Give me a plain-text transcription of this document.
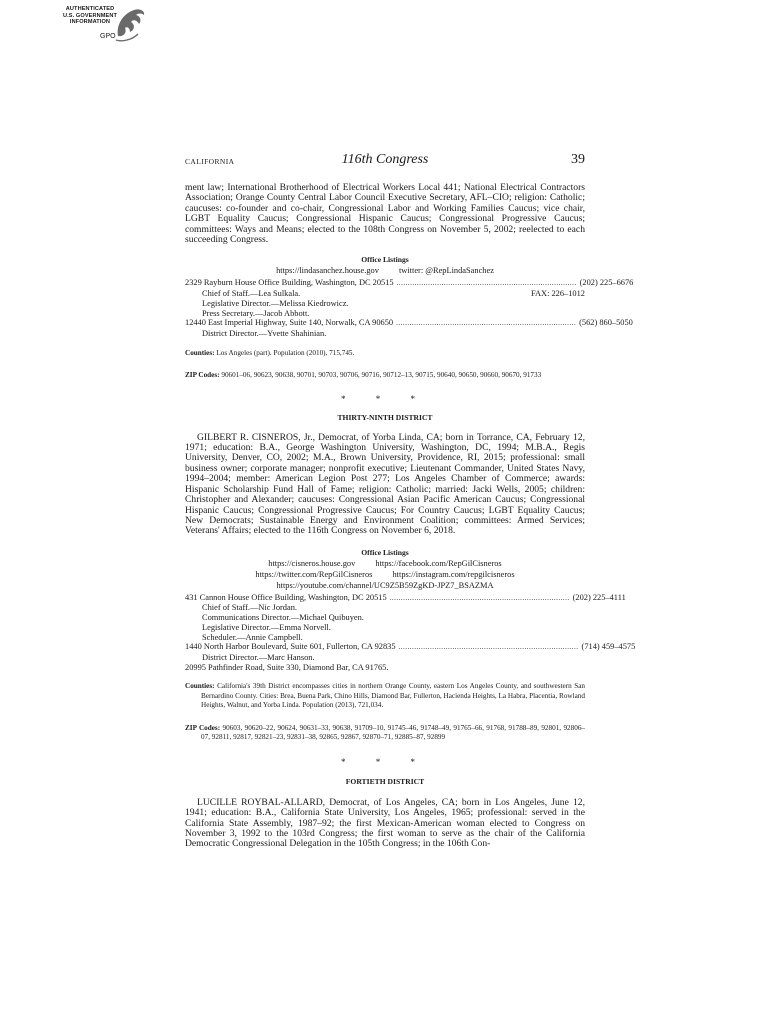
AUTHENTICATED
U.S. GOVERNMENT
INFORMATION
GPO
CALIFORNIA	116th Congress	39

ment law; International Brotherhood of Electrical Workers Local 441; National Electrical Contractors Association; Orange County Central Labor Council Executive Secretary, AFL–CIO; religion: Catholic; caucuses: co-founder and co-chair, Congressional Labor and Working Families Caucus; vice chair, LGBT Equality Caucus; Congressional Hispanic Caucus; Congressional Progressive Caucus; committees: Ways and Means; elected to the 108th Congress on November 5, 2002; reelected to each succeeding Congress.

Office Listings

https://lindasanchez.house.gov twitter: @RepLindaSanchez
2329 Rayburn House Office Building, Washington, DC 20515 ................................................................................ (202) 225–6676
Chief of Staff.—Lea Sulkala.	FAX: 226–1012
Legislative Director.—Melissa Kiedrowicz.
Press Secretary.—Jacob Abbott.
12440 East Imperial Highway, Suite 140, Norwalk, CA 90650 ................................................................................ (562) 860–5050
District Director.—Yvette Shahinian.
Counties: Los Angeles (part). Population (2010), 715,745.
ZIP Codes: 90601–06, 90623, 90638, 90701, 90703, 90706, 90716, 90712–13, 90715, 90640, 90650, 90660, 90670, 91733

* * *

THIRTY-NINTH DISTRICT

GILBERT R. CISNEROS, Jr., Democrat, of Yorba Linda, CA; born in Torrance, CA, February 12, 1971; education: B.A., George Washington University, Washington, DC, 1994; M.B.A., Regis University, Denver, CO, 2002; M.A., Brown University, Providence, RI, 2015; professional: small business owner; corporate manager; nonprofit executive; Lieutenant Commander, United States Navy, 1994–2004; member: American Legion Post 277; Los Angeles Chamber of Commerce; awards: Hispanic Scholarship Fund Hall of Fame; religion: Catholic; married: Jacki Wells, 2005; children: Christopher and Alexander; caucuses: Congressional Asian Pacific American Caucus; Congressional Hispanic Caucus; Congressional Progressive Caucus; For Country Caucus; LGBT Equality Caucus; New Democrats; Sustainable Energy and Environment Coalition; committees: Armed Services; Veterans' Affairs; elected to the 116th Congress on November 6, 2018.

Office Listings

https://cisneros.house.gov https://facebook.com/RepGilCisneros
https://twitter.com/RepGilCisneros https://instagram.com/repgilcisneros
https://youtube.com/channel/UC9Z5B59ZgKD-JPZ7_BSAZMA
431 Cannon House Office Building, Washington, DC 20515 ................................................................................ (202) 225–4111
Chief of Staff.—Nic Jordan.
Communications Director.—Michael Quibuyen.
Legislative Director.—Emma Norvell.
Scheduler.—Annie Campbell.
1440 North Harbor Boulevard, Suite 601, Fullerton, CA 92835 ................................................................................ (714) 459–4575
District Director.—Marc Hanson.
20995 Pathfinder Road, Suite 330, Diamond Bar, CA 91765.
Counties: California's 39th District encompasses cities in northern Orange County, eastern Los Angeles County, and southwestern San Bernardino County. Cities: Brea, Buena Park, Chino Hills, Diamond Bar, Fullerton, Hacienda Heights, La Habra, Placentia, Rowland Heights, Walnut, and Yorba Linda. Population (2013), 721,034.
ZIP Codes: 90603, 90620–22, 90624, 90631–33, 90638, 91709–10, 91745–46, 91748–49, 91765–66, 91768, 91788–89, 92801, 92806–07, 92811, 92817, 92821–23, 92831–38, 92865, 92867, 92870–71, 92885–87, 92899

* * *

FORTIETH DISTRICT

LUCILLE ROYBAL-ALLARD, Democrat, of Los Angeles, CA; born in Los Angeles, June 12, 1941; education: B.A., California State University, Los Angeles, 1965; professional: served in the California State Assembly, 1987–92; the first Mexican-American woman elected to Congress on November 3, 1992 to the 103rd Congress; the first woman to serve as the chair of the California Democratic Congressional Delegation in the 105th Congress; in the 106th Con-
